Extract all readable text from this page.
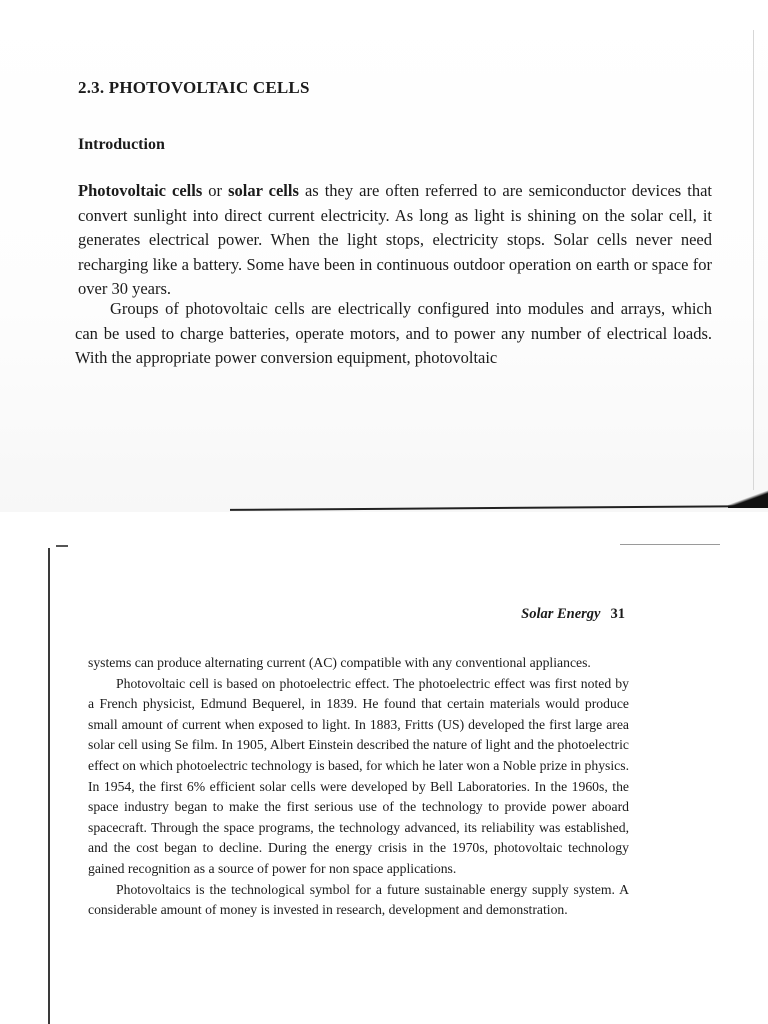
2.3. PHOTOVOLTAIC CELLS
Introduction

Photovoltaic cells or solar cells as they are often referred to are semiconductor devices that convert sunlight into direct current electricity. As long as light is shining on the solar cell, it generates electrical power. When the light stops, electricity stops. Solar cells never need recharging like a battery. Some have been in continuous outdoor operation on earth or space for over 30 years.

Groups of photovoltaic cells are electrically configured into modules and arrays, which can be used to charge batteries, operate motors, and to power any number of electrical loads. With the appropriate power conversion equipment, photovoltaic

Solar Energy 31

systems can produce alternating current (AC) compatible with any conventional appliances.

Photovoltaic cell is based on photoelectric effect. The photoelectric effect was first noted by a French physicist, Edmund Bequerel, in 1839. He found that certain materials would produce small amount of current when exposed to light. In 1883, Fritts (US) developed the first large area solar cell using Se film. In 1905, Albert Einstein described the nature of light and the photoelectric effect on which photoelectric technology is based, for which he later won a Noble prize in physics. In 1954, the first 6% efficient solar cells were developed by Bell Laboratories. In the 1960s, the space industry began to make the first serious use of the technology to provide power aboard spacecraft. Through the space programs, the technology advanced, its reliability was established, and the cost began to decline. During the energy crisis in the 1970s, photovoltaic technology gained recognition as a source of power for non space applications.

Photovoltaics is the technological symbol for a future sustainable energy supply system. A considerable amount of money is invested in research, development and demonstration.
